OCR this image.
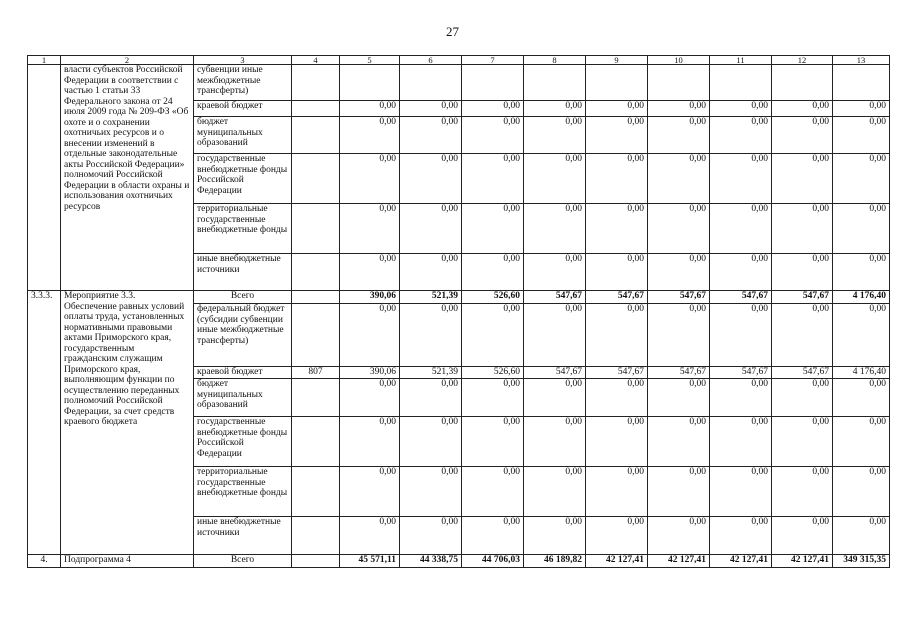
27
1	2	3	4	5	6	7	8	9	10	11	12	13
	власти субъектов Российской Федерации в соответствии с частью 1 статьи 33 Федерального закона от 24 июля 2009 года № 209-ФЗ «Об охоте и о сохранении охотничьих ресурсов и о внесении изменений в отдельные законодательные акты Российской Федерации» полномочий Российской Федерации в области охраны и использования охотничьих ресурсов	субвенции иные межбюджетные трансферты)										
		краевой бюджет		0,00	0,00	0,00	0,00	0,00	0,00	0,00	0,00	0,00
		бюджет муниципальных образований		0,00	0,00	0,00	0,00	0,00	0,00	0,00	0,00	0,00
		государственные внебюджетные фонды Российской Федерации		0,00	0,00	0,00	0,00	0,00	0,00	0,00	0,00	0,00
		территориальные государственные внебюджетные фонды		0,00	0,00	0,00	0,00	0,00	0,00	0,00	0,00	0,00
		иные внебюджетные источники		0,00	0,00	0,00	0,00	0,00	0,00	0,00	0,00	0,00
3.3.3.	Мероприятие 3.3. Обеспечение равных условий оплаты труда, установленных нормативными правовыми актами Приморского края, государственным гражданским служащим Приморского края, выполняющим функции по осуществлению переданных полномочий Российской Федерации, за счет средств краевого бюджета	Всего		390,06	521,39	526,60	547,67	547,67	547,67	547,67	547,67	4 176,40
		федеральный бюджет (субсидии субвенции иные межбюджетные трансферты)		0,00	0,00	0,00	0,00	0,00	0,00	0,00	0,00	0,00
		краевой бюджет	807	390,06	521,39	526,60	547,67	547,67	547,67	547,67	547,67	4 176,40
		бюджет муниципальных образований		0,00	0,00	0,00	0,00	0,00	0,00	0,00	0,00	0,00
		государственные внебюджетные фонды Российской Федерации		0,00	0,00	0,00	0,00	0,00	0,00	0,00	0,00	0,00
		территориальные государственные внебюджетные фонды		0,00	0,00	0,00	0,00	0,00	0,00	0,00	0,00	0,00
		иные внебюджетные источники		0,00	0,00	0,00	0,00	0,00	0,00	0,00	0,00	0,00
4.	Подпрограмма 4	Всего		45 571,11	44 338,75	44 706,03	46 189,82	42 127,41	42 127,41	42 127,41	42 127,41	349 315,35
